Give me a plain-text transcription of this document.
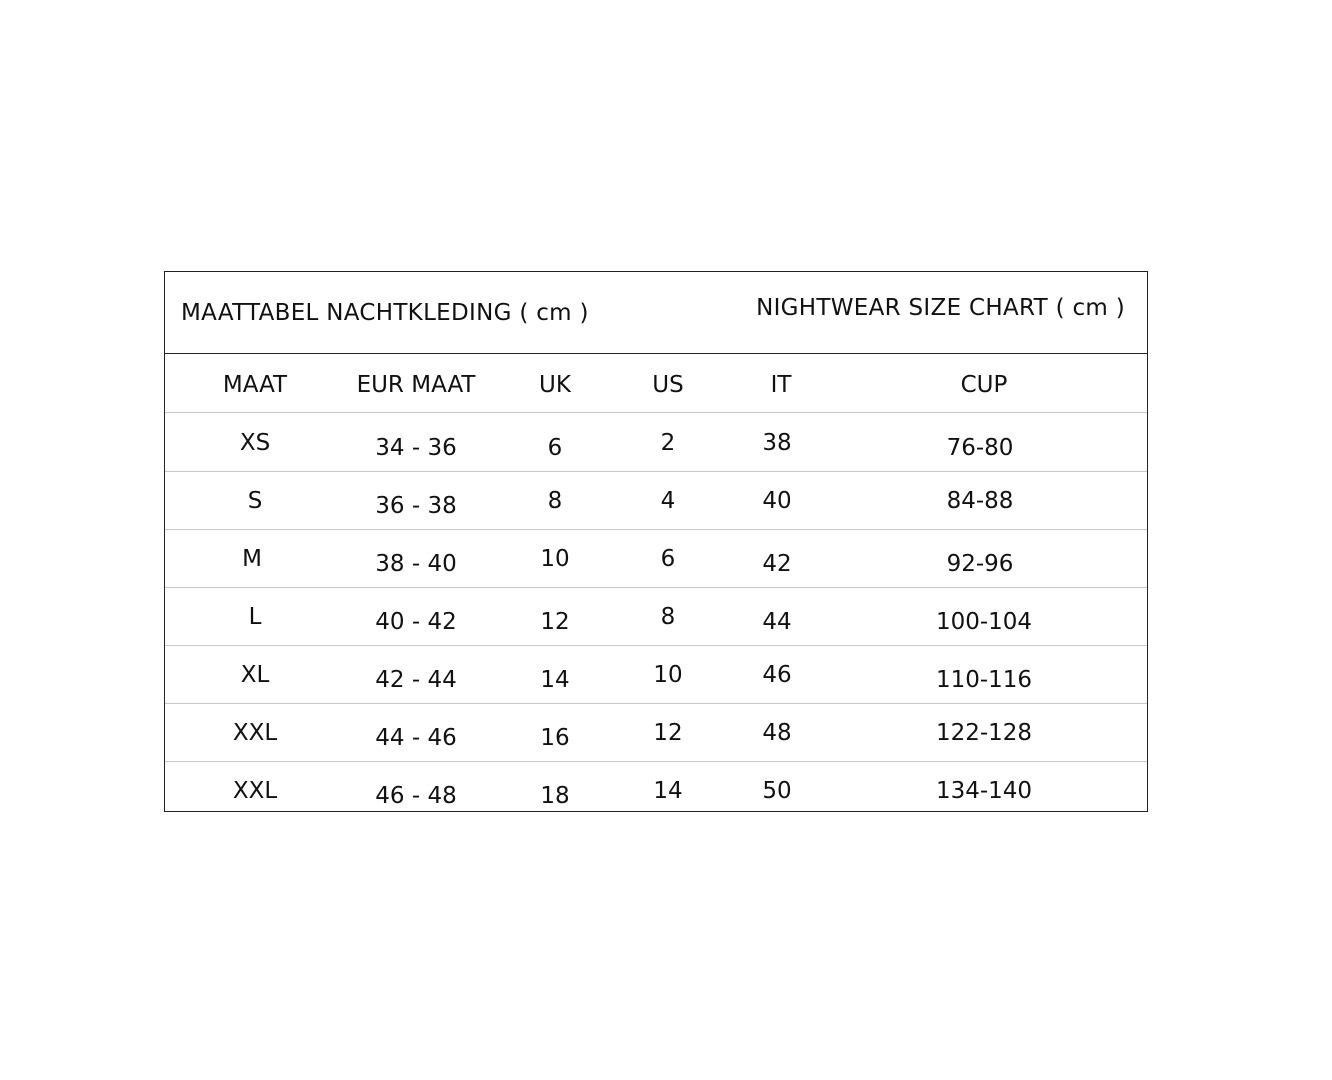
MAATTABEL NACHTKLEDING ( cm )	NIGHTWEAR SIZE CHART ( cm )
MAAT	EUR MAAT	UK	US	IT	CUP
XS	34 - 36	6	2	38	76-80
S	36 - 38	8	4	40	84-88
M	38 - 40	10	6	42	92-96
L	40 - 42	12	8	44	100-104
XL	42 - 44	14	10	46	110-116
XXL	44 - 46	16	12	48	122-128
XXL	46 - 48	18	14	50	134-140
